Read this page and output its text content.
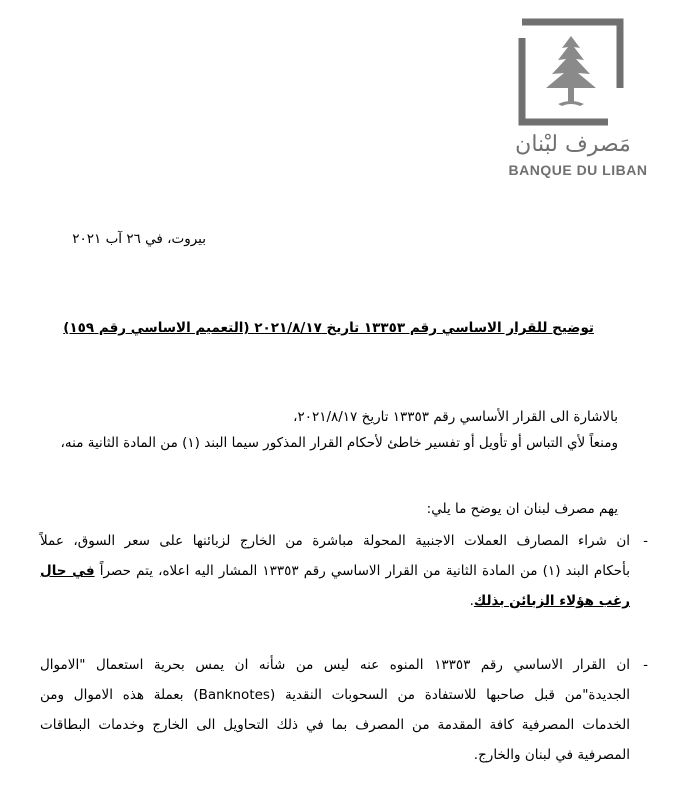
مَصرف لبْنان
BANQUE DU LIBAN
بيروت، في ٢٦ آب ٢٠٢١
توضيح للقرار الاساسي رقم ١٣٣٥٣ تاريخ ٢٠٢١/٨/١٧ (التعميم الاساسي رقم ١٥٩)
بالاشارة الى القرار الأساسي رقم ١٣٣٥٣ تاريخ ٢٠٢١/٨/١٧،
ومنعاً لأي التباس أو تأويل أو تفسير خاطئ لأحكام القرار المذكور سيما البند (١) من المادة الثانية منه،
يهم مصرف لبنان ان يوضح ما يلي:
-
ان شراء المصارف العملات الاجنبية المحولة مباشرة من الخارج لزبائنها على سعر السوق، عملاً
بأحكام البند (١) من المادة الثانية من القرار الاساسي رقم ١٣٣٥٣ المشار اليه اعلاه، يتم حصراً في حال
رغب هؤلاء الزبائن بذلك.
-
ان القرار الاساسي رقم ١٣٣٥٣ المنوه عنه ليس من شأنه ان يمس بحرية استعمال "الاموال
الجديدة"من قبل صاحبها للاستفادة من السحوبات النقدية (Banknotes) بعملة هذه الاموال ومن
الخدمات المصرفية كافة المقدمة من المصرف بما في ذلك التحاويل الى الخارج وخدمات البطاقات
المصرفية في لبنان والخارج.
